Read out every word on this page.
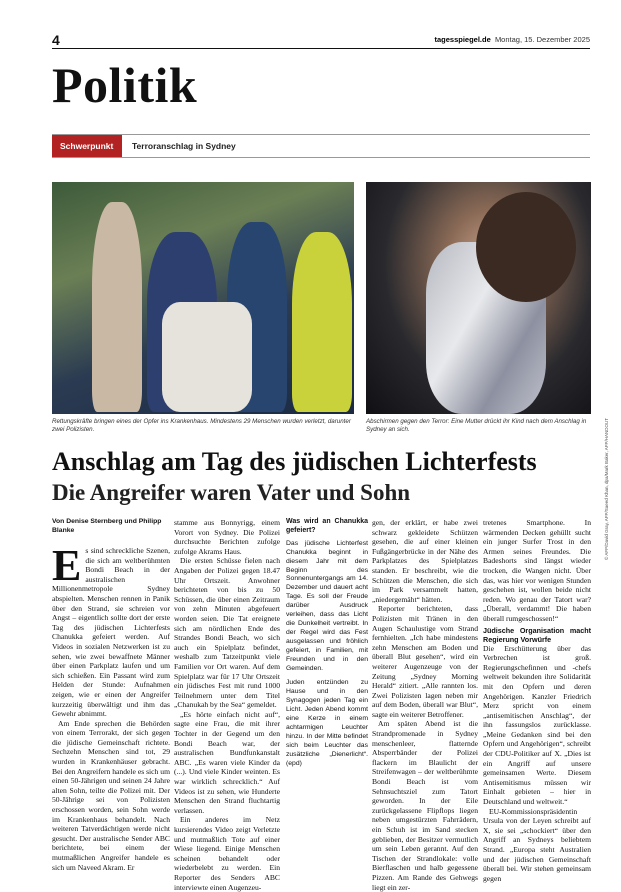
4	tagesspiegel.de Montag, 15. Dezember 2025
Politik
Schwerpunkt	Terroranschlag in Sydney
Rettungskräfte bringen eines der Opfer ins Krankenhaus. Mindestens 29 Menschen wurden verletzt, darunter zwei Polizisten.
Abschirmen gegen den Terror: Eine Mutter drückt ihr Kind nach dem Anschlag in Sydney an sich.
Anschlag am Tag des jüdischen Lichterfests
Die Angreifer waren Vater und Sohn
Von Denise Sternberg und Philipp Blanke

Es sind schreckliche Szenen, die sich am weltberühmten Bondi Beach in der australischen Millionenmetropole Sydney abspielten. Menschen rennen in Panik über den Strand, sie schreien vor Angst – eigentlich sollte dort der erste Tag des jüdischen Lichterfests Chanukka gefeiert werden. Auf Videos in sozialen Netzwerken ist zu sehen, wie zwei bewaffnete Männer über einen Parkplatz laufen und um sich schießen. Ein Passant wird zum Helden der Stunde: Aufnahmen zeigen, wie er einen der Angreifer kurzzeitig überwältigt und ihm das Gewehr abnimmt.

Am Ende sprechen die Behörden von einem Terrorakt, der sich gegen die jüdische Gemeinschaft richtete. Sechzehn Menschen sind tot, 29 wurden in Krankenhäuser gebracht. Bei den Angreifern handele es sich um einen 50-Jährigen und seinen 24 Jahre alten Sohn, teilte die Polizei mit. Der 50-Jährige sei von Polizisten erschossen worden, sein Sohn werde im Krankenhaus behandelt. Nach weiteren Tatverdächtigen werde nicht gesucht. Der australische Sender ABC berichtete, bei einem der mutmaßlichen Angreifer handele es sich um Naveed Akram. Er

stamme aus Bonnyrigg, einem Vorort von Sydney. Die Polizei durchsuchte Berichten zufolge zufolge Akrams Haus.

Die ersten Schüsse fielen nach Angaben der Polizei gegen 18.47 Uhr Ortszeit. Anwohner berichteten von bis zu 50 Schüssen, die über einen Zeitraum von zehn Minuten abgefeuert worden seien. Die Tat ereignete sich am nördlichen Ende des Strandes Bondi Beach, wo sich auch ein Spielplatz befindet, weshalb zum Tatzeitpunkt viele Familien vor Ort waren. Auf dem Spielplatz war für 17 Uhr Ortszeit ein jüdisches Fest mit rund 1000 Teilnehmern unter dem Titel „Chanukah by the Sea“ gemeldet.

„Es hörte einfach nicht auf“, sagte eine Frau, die mit ihrer Tochter in der Gegend um den Bondi Beach war, der australischen Bundfunkanstalt ABC. „Es waren viele Kinder da (...). Und viele Kinder weinten. Es war wirklich schrecklich.“ Auf Videos ist zu sehen, wie Hunderte Menschen den Strand fluchtartig verlassen.

Ein anderes im Netz kursierendes Video zeigt Verletzte und mutmaßlich Tote auf einer Wiese liegend. Einige Menschen scheinen behandelt oder wiederbelebt zu werden. Ein Reporter des Senders ABC interviewte einen Augenzeu-

Was wird an Chanukka gefeiert?

Das jüdische Lichterfest Chanukka beginnt in diesem Jahr mit dem Beginn des Sonnenuntergangs am 14. Dezember und dauert acht Tage. Es soll der Freude darüber Ausdruck verleihen, dass das Licht die Dunkelheit vertreibt. In der Regel wird das Fest ausgelassen und fröhlich gefeiert, in Familien, mit Freunden und in den Gemeinden.

Juden entzünden zu Hause und in den Synagogen jeden Tag ein Licht. Jeden Abend kommt eine Kerze in einem achtarmigen Leuchter hinzu. In der Mitte befindet sich beim Leuchter das zusätzliche „Dienerlicht“. (epd)

gen, der erklärt, er habe zwei schwarz gekleidete Schützen gesehen, die auf einer kleinen Fußgängerbrücke in der Nähe des Parkplatzes des Spielplatzes standen. Er beschreibt, wie die Schützen die Menschen, die sich im Park versammelt hatten, „niedergemäht“ hätten.

Reporter berichteten, dass Polizisten mit Tränen in den Augen Schaulustige vom Strand fernhielten. „Ich habe mindestens zehn Menschen am Boden und überall Blut gesehen“, wird ein weiterer Augenzeuge von der Zeitung „Sydney Morning Herald“ zitiert. „Alle rannten los. Zwei Polizisten lagen neben mir auf dem Boden, überall war Blut“, sagte ein weiterer Betroffener.

Am späten Abend ist die Strandpromenade in Sydney menschenleer, flatternde Absperrbänder der Polizei flackern im Blaulicht der Streifenwagen – der weltberühmte Bondi Beach ist vom Sehnsuchtsziel zum Tatort geworden. In der Eile zurückgelassene Flipflops liegen neben umgestürzten Fahrrädern, ein Schuh ist im Sand stecken geblieben, der Besitzer vermutlich um sein Leben gerannt. Auf den Tischen der Strandlokale: volle Bierflaschen und halb gegessene Pizzen. Am Rande des Gehwegs liegt ein zer-

tretenes Smartphone. In wärmenden Decken gehüllt sucht ein junger Surfer Trost in den Armen seines Freundes. Die Badeshorts sind längst wieder trocken, die Wangen nicht. Über das, was hier vor wenigen Stunden geschehen ist, wollen beide nicht reden. Wo genau der Tatort war? „Überall, verdammt! Die haben überall rumgeschossen!“

Jüdische Organisation macht Regierung Vorwürfe

Die Erschütterung über das Verbrechen ist groß. Regierungschefinnen und -chefs weltweit bekunden ihre Solidarität mit den Opfern und deren Angehörigen. Kanzler Friedrich Merz spricht von einem „antisemitischen Anschlag“, der ihn fassungslos zurücklasse. „Meine Gedanken sind bei den Opfern und Angehörigen“, schreibt der CDU-Politiker auf X. „Dies ist ein Angriff auf unsere gemeinsamen Werte. Diesem Antisemitismus müssen wir Einhalt gebieten – hier in Deutschland und weltweit.“

EU-Kommissionspräsidentin Ursula von der Leyen schreibt auf X, sie sei „schockiert“ über den Angriff an Sydneys beliebtem Strand. „Europa steht Australien und der jüdischen Gemeinschaft überall bei. Wir stehen gemeinsam gegen

© AFP/David Gray, AFP/Saeed Khan, dpa/Mark Baker, AFP/HANDOUT
